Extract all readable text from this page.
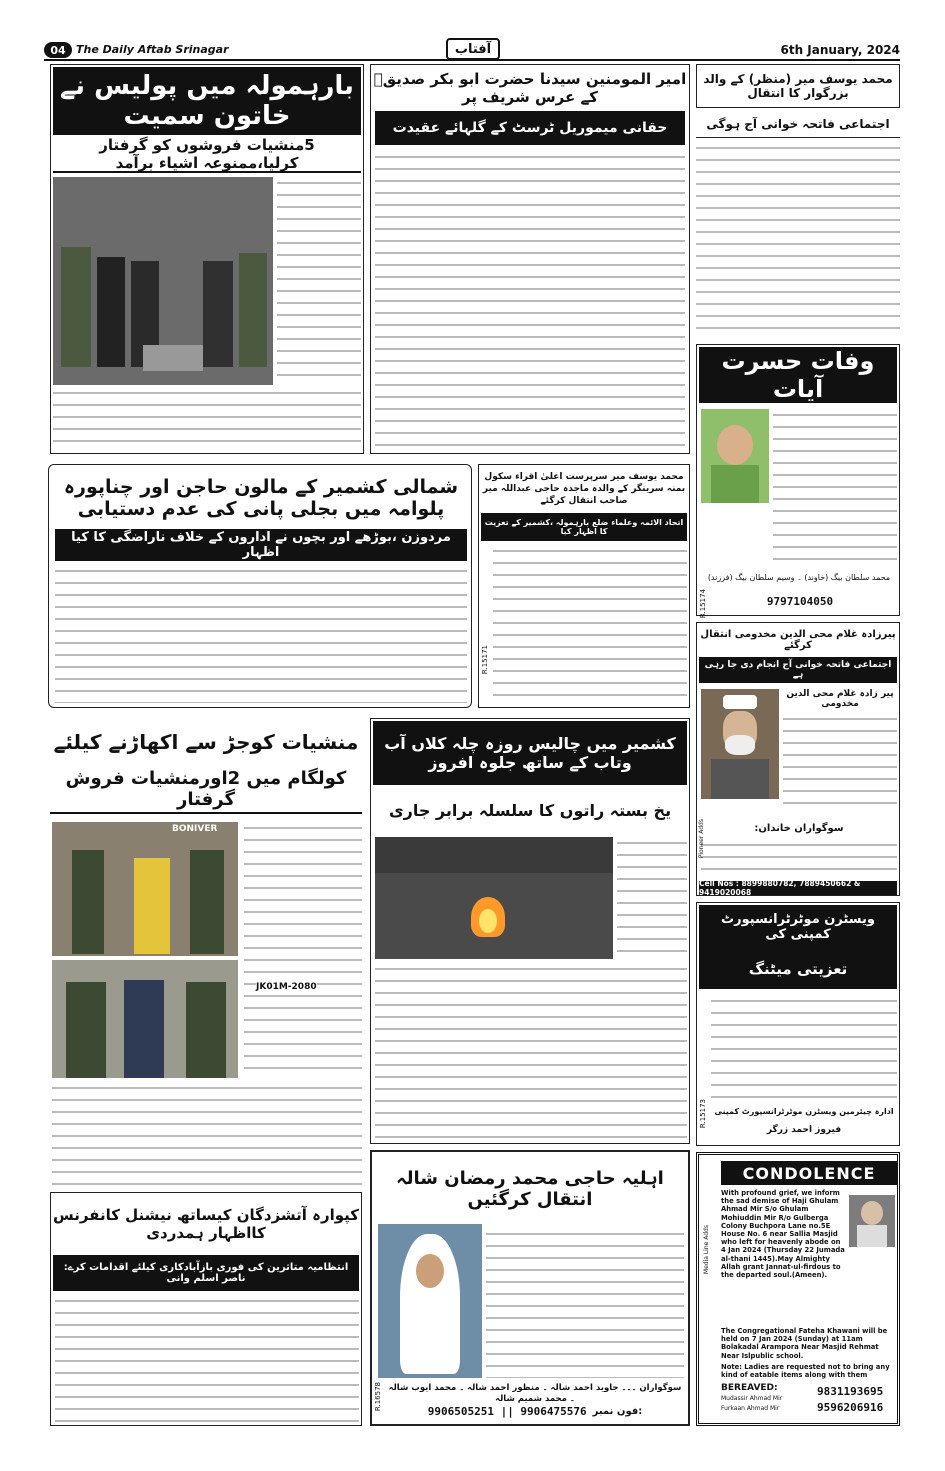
04 The Daily Aftab Srinagar	آفتاب	6th January, 2024
بارہمولہ میں پولیس نے خاتون سمیت
5منشیات فروشوں کو گرفتار کرلیا،ممنوعہ اشیاء برآمد
امیر المومنین سیدنا حضرت ابو بکر صدیقؓ کے عرس شریف پر
حقانی میموریل ٹرسٹ کے گلہائے عقیدت
محمد یوسف میر (منظر) کے والد بزرگوار کا انتقال
اجتماعی فاتحہ خوانی آج ہوگی
وفات حسرت آیات
محمد سلطان بیگ (خاوند) ۔ وسیم سلطان بیگ (فرزند)
9797104050
R.15174
شمالی کشمیر کے مالون حاجن اور چناپورہ پلوامہ میں بجلی پانی کی عدم دستیابی
مردوزن ،بوڑھے اور بچوں نے اداروں کے خلاف ناراضگی کا کیا اظہار
محمد یوسف میر سرپرست اعلیٰ اقراء سکول بمنہ سرینگر کے والدہ ماجدہ حاجی عبداللہ میر صاحب انتقال کرگئے
اتحاد الائمہ وعلماء ضلع بارہمولہ ،کشمیر کے تعزیت کا اظہار کیا
R.15171
پیرزادہ غلام محی الدین مخدومی انتقال کرگئے
اجتماعی فاتحہ خوانی آج انجام دی جا رہی ہے
پیر زادہ غلام محی الدین مخدومی
سوگواران خاندان:
Cell Nos : 8899880782, 7889450662 & 9419020068
Pioneer Adds
منشیات کوجڑ سے اکھاڑنے کیلئے
کولگام میں 2اورمنشیات فروش گرفتار
BONIVER
JK01M-2080
کشمیر میں چالیس روزہ چلہ کلاں آب وتاب کے ساتھ جلوہ افروز
یخ بستہ راتوں کا سلسلہ برابر جاری
ویسٹرن موٹرٹرانسپورٹ کمپنی کی
تعزیتی میٹنگ
ادارہ چیئرمین ویسٹرن موٹرٹرانسپورٹ کمپنی
فیروز احمد زرگر
R.15173
کپوارہ آتشزدگان کیساتھ نیشنل کانفرنس کااظہار ہمدردی
انتظامیہ متاثرین کی فوری بازآبادکاری کیلئے اقدامات کرے: ناصر اسلم وانی
اہلیہ حاجی محمد رمضان شالہ انتقال کرگئیں
سوگواران ۔۔۔ جاوید احمد شالہ ۔ منظور احمد شالہ ۔ محمد ایوب شالہ ۔ محمد شمیم شالہ
9906505251 || 9906475576 فون نمبر:
R.16578
CONDOLENCE
With profound grief, we inform the sad demise of Haji Ghulam Ahmad Mir S/o Ghulam Mohiuddin Mir R/o Gulberga Colony Buchpora Lane no.5E House No. 6 near Sallia Masjid who left for heavenly abode on 4 Jan 2024 (Thursday 22 Jumada al-thani 1445).May Almighty Allah grant Jannat-ul-firdous to the departed soul.(Ameen).
The Congregational Fateha Khawani will be held on 7 Jan 2024 (Sunday) at 11am Bolakadal Arampora Near Masjid Rehmat Near Islpublic school.
Note: Ladies are requested not to bring any kind of eatable items along with them
BEREAVED:
Mudassir Ahmad Mir
Furkaan Ahmad Mir
9831193695
9596206916
Media Line Adds
